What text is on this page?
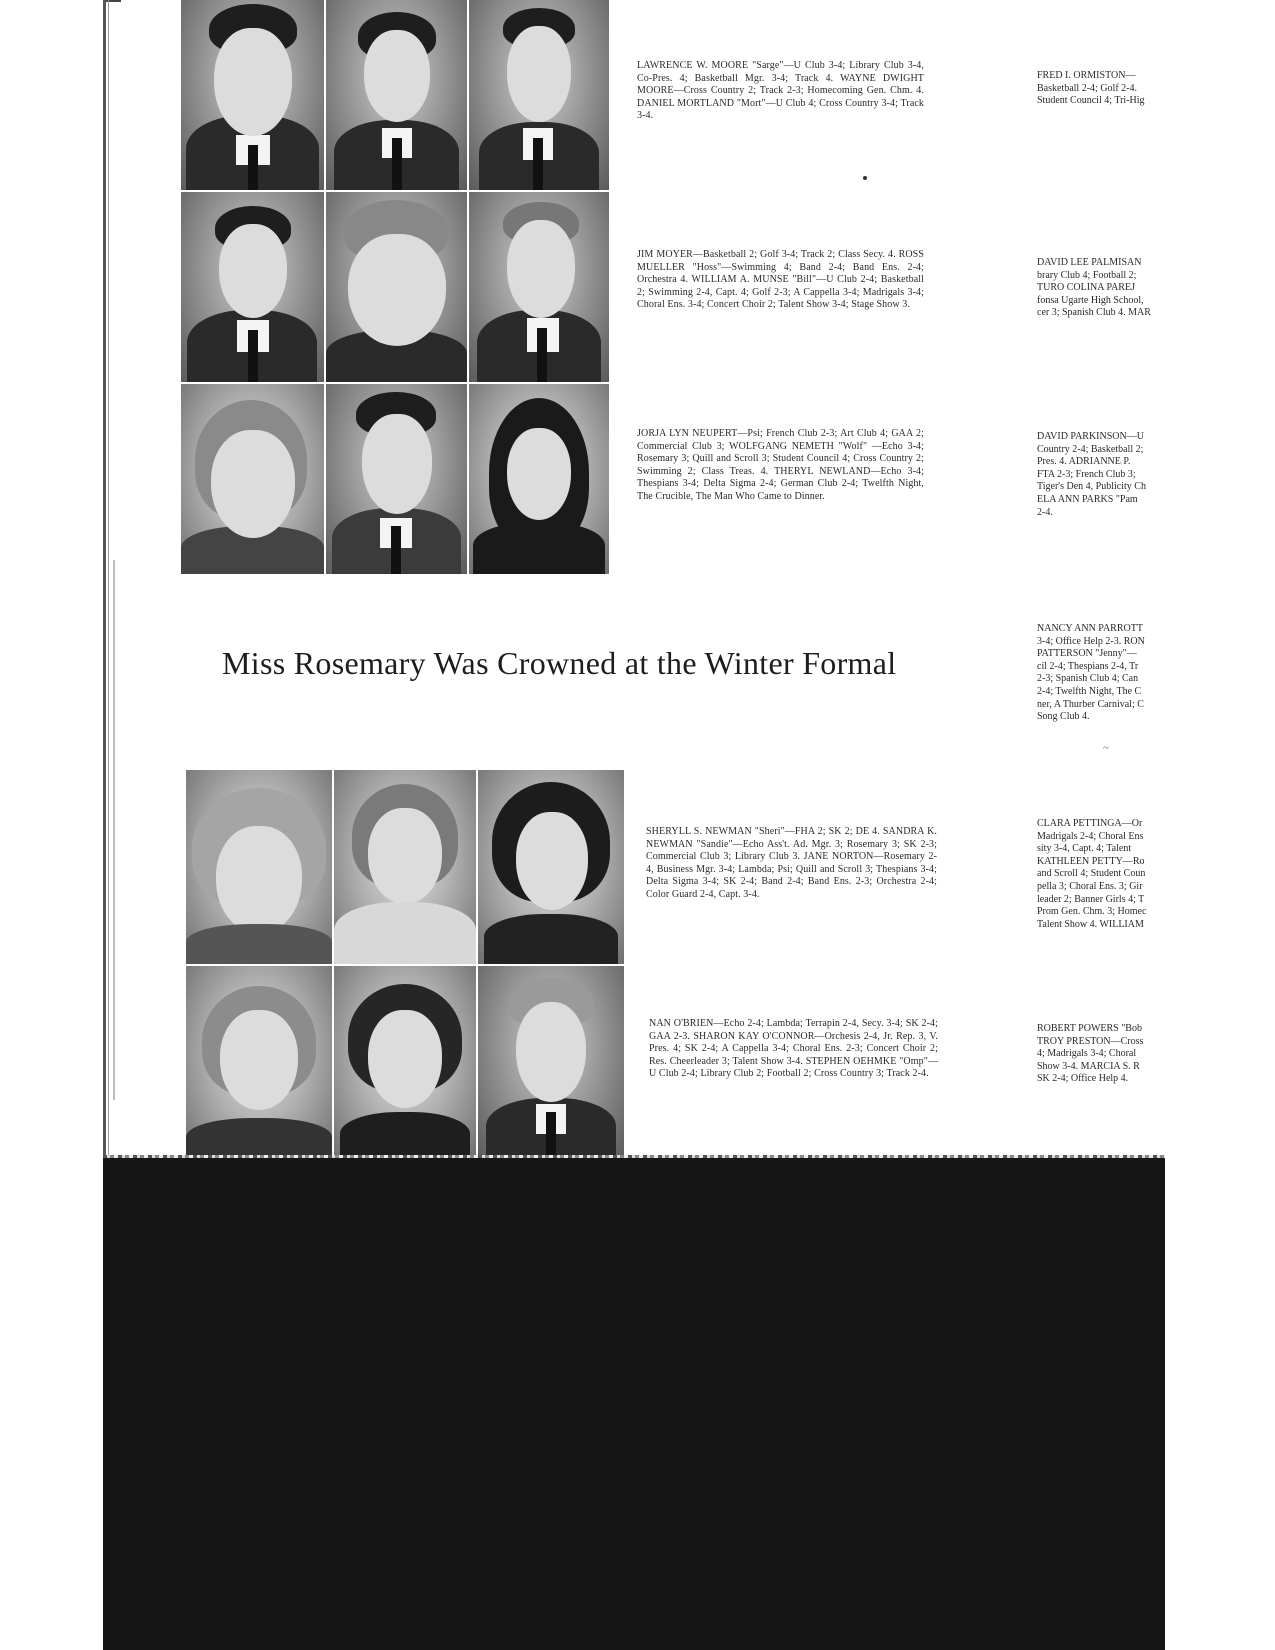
LAWRENCE W. MOORE "Sarge"—U Club 3-4; Library Club 3-4, Co-Pres. 4; Basketball Mgr. 3-4; Track 4. WAYNE DWIGHT MOORE—Cross Country 2; Track 2-3; Homecoming Gen. Chm. 4. DANIEL MORTLAND "Mort"—U Club 4; Cross Country 3-4; Track 3-4.
FRED I. ORMISTON—
Basketball 2-4; Golf 2-4.
Student Council 4; Tri-Hig
JIM MOYER—Basketball 2; Golf 3-4; Track 2; Class Secy. 4. ROSS MUELLER "Hoss"—Swimming 4; Band 2-4; Band Ens. 2-4; Orchestra 4. WILLIAM A. MUNSE "Bill"—U Club 2-4; Basketball 2; Swimming 2-4, Capt. 4; Golf 2-3; A Cappella 3-4; Madrigals 3-4; Choral Ens. 3-4; Concert Choir 2; Talent Show 3-4; Stage Show 3.
DAVID LEE PALMISAN
brary Club 4; Football 2;
TURO COLINA PAREJ
fonsa Ugarte High School,
cer 3; Spanish Club 4. MAR
JORJA LYN NEUPERT—Psi; French Club 2-3; Art Club 4; GAA 2; Commercial Club 3; WOLFGANG NEMETH "Wolf" —Echo 3-4; Rosemary 3; Quill and Scroll 3; Student Council 4; Cross Country 2; Swimming 2; Class Treas. 4. THERYL NEWLAND—Echo 3-4; Thespians 3-4; Delta Sigma 2-4; German Club 2-4; Twelfth Night, The Crucible, The Man Who Came to Dinner.
DAVID PARKINSON—U
Country 2-4; Basketball 2;
Pres. 4. ADRIANNE P.
FTA 2-3; French Club 3;
Tiger's Den 4, Publicity Ch
ELA ANN PARKS "Pam
2-4.
Miss Rosemary Was Crowned at the Winter Formal
NANCY ANN PARROTT
3-4; Office Help 2-3. RON
PATTERSON "Jenny"—
cil 2-4; Thespians 2-4, Tr
2-3; Spanish Club 4; Can
2-4; Twelfth Night, The C
ner, A Thurber Carnival; C
Song Club 4.
~
SHERYLL S. NEWMAN "Sheri"—FHA 2; SK 2; DE 4. SANDRA K. NEWMAN "Sandie"—Echo Ass't. Ad. Mgr. 3; Rosemary 3; SK 2-3; Commercial Club 3; Library Club 3. JANE NORTON—Rosemary 2-4, Business Mgr. 3-4; Lambda; Psi; Quill and Scroll 3; Thespians 3-4; Delta Sigma 3-4; SK 2-4; Band 2-4; Band Ens. 2-3; Orchestra 2-4; Color Guard 2-4, Capt. 3-4.
CLARA PETTINGA—Or
Madrigals 2-4; Choral Ens
sity 3-4, Capt. 4; Talent
KATHLEEN PETTY—Ro
and Scroll 4; Student Coun
pella 3; Choral Ens. 3; Gir
leader 2; Banner Girls 4; T
Prom Gen. Chm. 3; Homec
Talent Show 4. WILLIAM
NAN O'BRIEN—Echo 2-4; Lambda; Terrapin 2-4, Secy. 3-4; SK 2-4; GAA 2-3. SHARON KAY O'CONNOR—Orchesis 2-4, Jr. Rep. 3, V. Pres. 4; SK 2-4; A Cappella 3-4; Choral Ens. 2-3; Concert Choir 2; Res. Cheerleader 3; Talent Show 3-4. STEPHEN OEHMKE "Omp"—U Club 2-4; Library Club 2; Football 2; Cross Country 3; Track 2-4.
ROBERT POWERS "Bob
TROY PRESTON—Cross
4; Madrigals 3-4; Choral
Show 3-4. MARCIA S. R
SK 2-4; Office Help 4.
